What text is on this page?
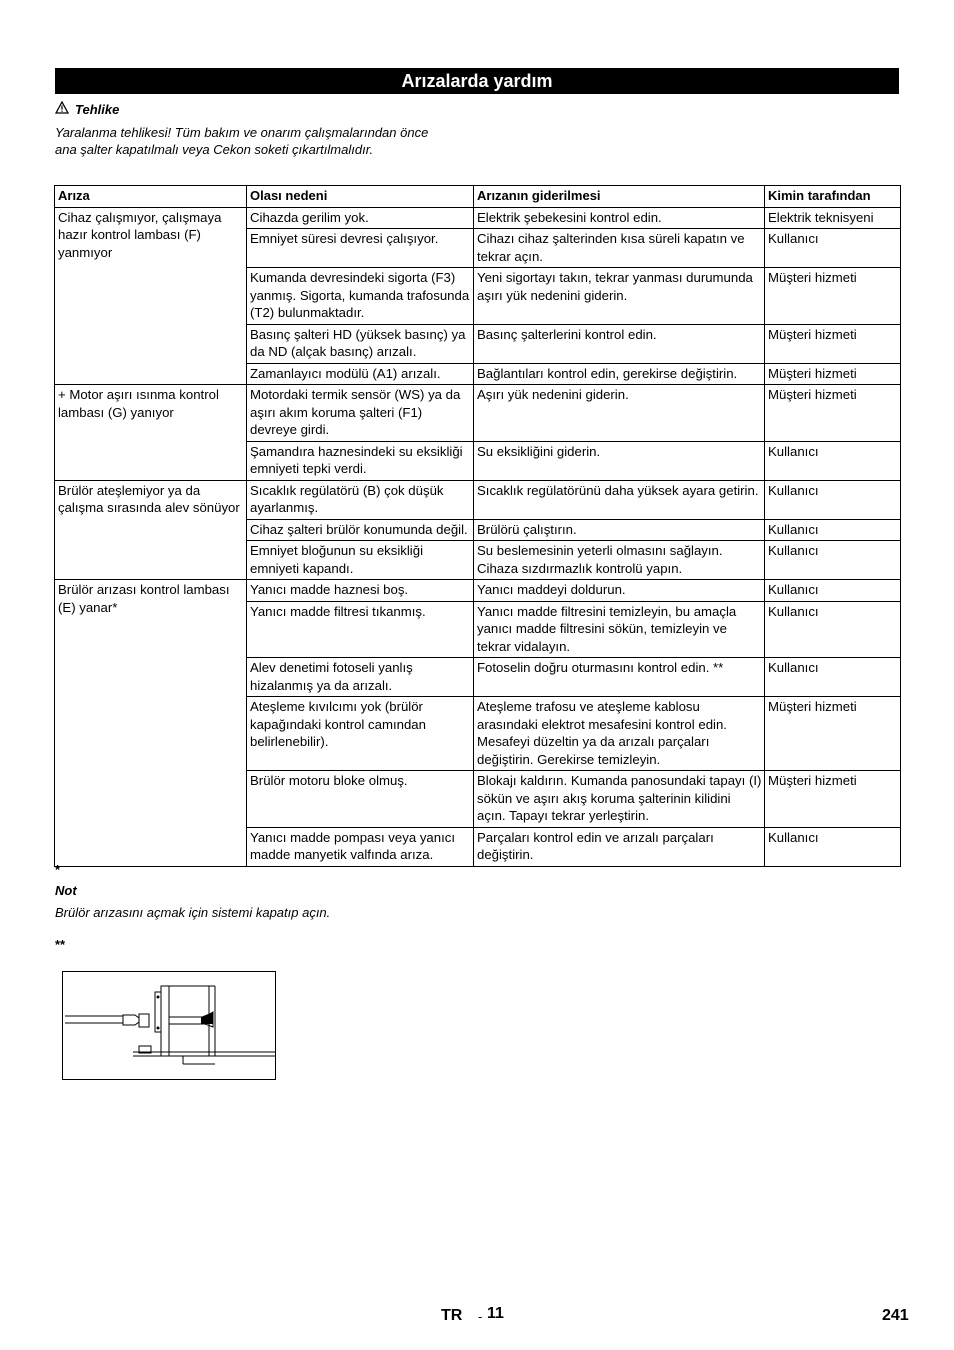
Arızalarda yardım
Tehlike
Yaralanma tehlikesi! Tüm bakım ve onarım çalışmalarından önce
ana şalter kapatılmalı veya Cekon soketi çıkartılmalıdır.
Arıza	Olası nedeni	Arızanın giderilmesi	Kimin tarafından
Cihaz çalışmıyor, çalışmaya hazır kontrol lambası (F) yanmıyor	Cihazda gerilim yok.	Elektrik şebekesini kontrol edin.	Elektrik teknisyeni
	Emniyet süresi devresi çalışıyor.	Cihazı cihaz şalterinden kısa süreli kapatın ve tekrar açın.	Kullanıcı
	Kumanda devresindeki sigorta (F3) yanmış. Sigorta, kumanda trafosunda (T2) bulunmaktadır.	Yeni sigortayı takın, tekrar yanması durumunda aşırı yük nedenini giderin.	Müşteri hizmeti
	Basınç şalteri HD (yüksek basınç) ya da ND (alçak basınç) arızalı.	Basınç şalterlerini kontrol edin.	Müşteri hizmeti
	Zamanlayıcı modülü (A1) arızalı.	Bağlantıları kontrol edin, gerekirse değiştirin.	Müşteri hizmeti
+ Motor aşırı ısınma kontrol lambası (G) yanıyor	Motordaki termik sensör (WS) ya da aşırı akım koruma şalteri (F1) devreye girdi.	Aşırı yük nedenini giderin.	Müşteri hizmeti
	Şamandıra haznesindeki su eksikliği emniyeti tepki verdi.	Su eksikliğini giderin.	Kullanıcı
Brülör ateşlemiyor ya da çalışma sırasında alev sönüyor	Sıcaklık regülatörü (B) çok düşük ayarlanmış.	Sıcaklık regülatörünü daha yüksek ayara getirin.	Kullanıcı
	Cihaz şalteri brülör konumunda değil.	Brülörü çalıştırın.	Kullanıcı
	Emniyet bloğunun su eksikliği emniyeti kapandı.	Su beslemesinin yeterli olmasını sağlayın. Cihaza sızdırmazlık kontrolü yapın.	Kullanıcı
Brülör arızası kontrol lambası (E) yanar*	Yanıcı madde haznesi boş.	Yanıcı maddeyi doldurun.	Kullanıcı
	Yanıcı madde filtresi tıkanmış.	Yanıcı madde filtresini temizleyin, bu amaçla yanıcı madde filtresini sökün, temizleyin ve tekrar vidalayın.	Kullanıcı
	Alev denetimi fotoseli yanlış hizalanmış ya da arızalı.	Fotoselin doğru oturmasını kontrol edin. **	Kullanıcı
	Ateşleme kıvılcımı yok (brülör kapağındaki kontrol camından belirlenebilir).	Ateşleme trafosu ve ateşleme kablosu arasındaki elektrot mesafesini kontrol edin. Mesafeyi düzeltin ya da arızalı parçaları değiştirin. Gerekirse temizleyin.	Müşteri hizmeti
	Brülör motoru bloke olmuş.	Blokajı kaldırın. Kumanda panosundaki tapayı (I) sökün ve aşırı akış koruma şalterinin kilidini açın. Tapayı tekrar yerleştirin.	Müşteri hizmeti
	Yanıcı madde pompası veya yanıcı madde manyetik valfında arıza.	Parçaları kontrol edin ve arızalı parçaları değiştirin.	Kullanıcı
*
Not
Brülör arızasını açmak için sistemi kapatıp açın.
**
TR - 11	241
